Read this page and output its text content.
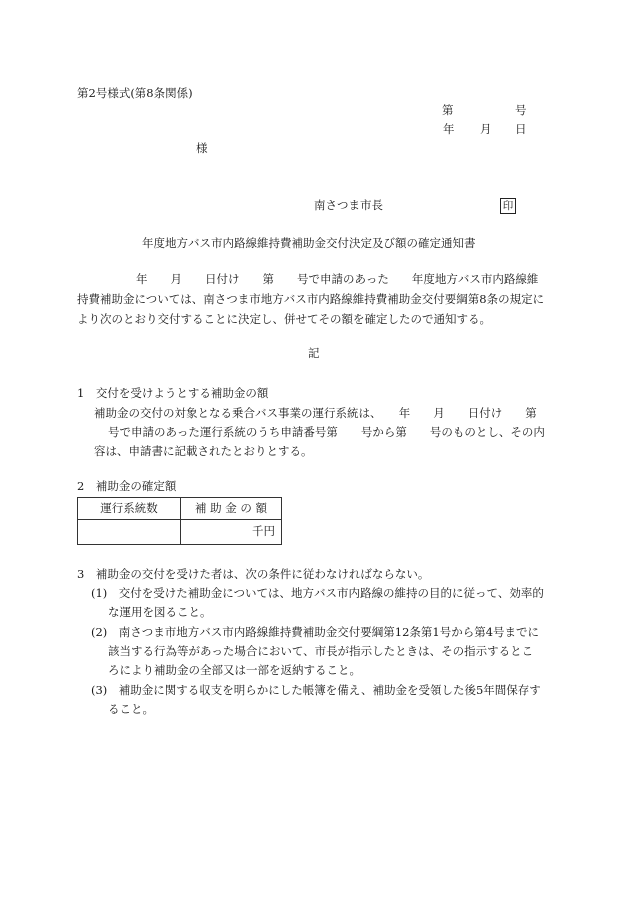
第2号様式(第8条関係)
第	号
年 月 日
様
南さつま市長	印
年度地方バス市内路線維持費補助金交付決定及び額の確定通知書
年　　月　　日付け　　第　　号で申請のあった　　年度地方バス市内路線維
持費補助金については、南さつま市地方バス市内路線維持費補助金交付要綱第8条の規定に
より次のとおり交付することに決定し、併せてその額を確定したので通知する。
記
1　交付を受けようとする補助金の額
補助金の交付の対象となる乗合バス事業の運行系統は、　　年　　月　　日付け　　第
号で申請のあった運行系統のうち申請番号第　　号から第　　号のものとし、その内
容は、申請書に記載されたとおりとする。
2　補助金の確定額
運行系統数	補 助 金 の 額
	千円
3　補助金の交付を受けた者は、次の条件に従わなければならない。
(1)　交付を受けた補助金については、地方バス市内路線の維持の目的に従って、効率的
な運用を図ること。
(2)　南さつま市地方バス市内路線維持費補助金交付要綱第12条第1号から第4号までに
該当する行為等があった場合において、市長が指示したときは、その指示するとこ
ろにより補助金の全部又は一部を返納すること。
(3)　補助金に関する収支を明らかにした帳簿を備え、補助金を受領した後5年間保存す
ること。
